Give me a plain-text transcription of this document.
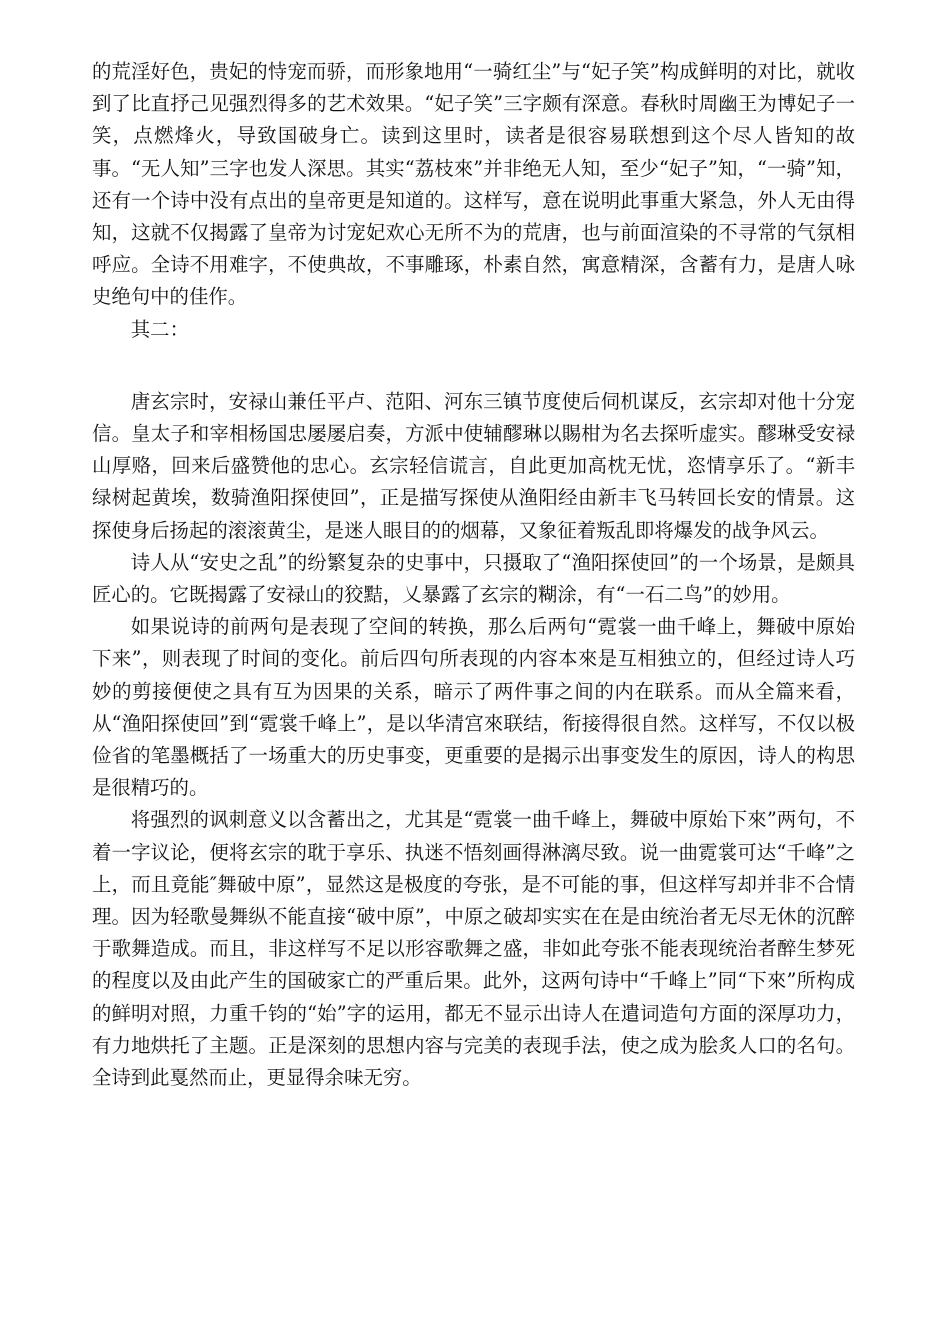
的荒淫好色，贵妃的恃宠而骄，而形象地用“一骑红尘”与“妃子笑”构成鲜明的对比，就收到了比直抒己见强烈得多的艺术效果。“妃子笑”三字颇有深意。春秋时周幽王为博妃子一笑，点燃烽火，导致国破身亡。读到这里时，读者是很容易联想到这个尽人皆知的故事。“无人知”三字也发人深思。其实“荔枝來”并非绝无人知，至少“妃子”知，“一骑”知，还有一个诗中没有点出的皇帝更是知道的。这样写，意在说明此事重大紧急，外人无由得知，这就不仅揭露了皇帝为讨宠妃欢心无所不为的荒唐，也与前面渲染的不寻常的气氛相呼应。全诗不用难字，不使典故，不事雕琢，朴素自然，寓意精深，含蓄有力，是唐人咏史绝句中的佳作。

其二：

唐玄宗时，安禄山兼任平卢、范阳、河东三镇节度使后伺机谋反，玄宗却对他十分宠信。皇太子和宰相杨国忠屡屡启奏，方派中使辅醪琳以賜柑为名去探听虚实。醪琳受安禄山厚赂，回来后盛赞他的忠心。玄宗轻信谎言，自此更加高枕无忧，恣情享乐了。“新丰绿树起黄埃，数骑渔阳探使回”，正是描写探使从渔阳经由新丰飞马转回长安的情景。这探使身后扬起的滚滚黄尘，是迷人眼目的的烟幕，又象征着叛乱即将爆发的战争风云。

诗人从“安史之乱”的纷繁复杂的史事中，只摄取了“渔阳探使回”的一个场景，是颇具匠心的。它既揭露了安禄山的狡黠，乂暴露了玄宗的糊涂，有“一石二鸟”的妙用。

如果说诗的前两句是表现了空间的转换，那么后两句“霓裳一曲千峰上，舞破中原始下来”，则表现了时间的变化。前后四句所表现的内容本來是互相独立的，但经过诗人巧妙的剪接便使之具有互为因果的关系，暗示了两件事之间的内在联系。而从全篇来看，从“渔阳探使回”到“霓裳千峰上”，是以华清宫來联结，衔接得很自然。这样写，不仅以极俭省的笔墨概括了一场重大的历史事变，更重要的是揭示出事变发生的原因，诗人的构思是很精巧的。

将强烈的讽刺意义以含蓄出之，尤其是“霓裳一曲千峰上，舞破中原始下來”两句，不着一字议论，便将玄宗的耽于享乐、执迷不悟刻画得淋漓尽致。说一曲霓裳可达“千峰”之上，而且竟能″舞破中原”，显然这是极度的夸张，是不可能的事，但这样写却并非不合情理。因为轻歌曼舞纵不能直接“破中原”，中原之破却实实在在是由统治者无尽无休的沉醉于歌舞造成。而且，非这样写不足以形容歌舞之盛，非如此夸张不能表现统治者醉生梦死的程度以及由此产生的国破家亡的严重后果。此外，这两句诗中“千峰上”同“下來”所构成的鲜明对照，力重千钧的“始”字的运用，都无不显示出诗人在遣词造句方面的深厚功力，有力地烘托了主题。正是深刻的思想内容与完美的表现手法，使之成为脍炙人口的名句。全诗到此戛然而止，更显得余味无穷。
